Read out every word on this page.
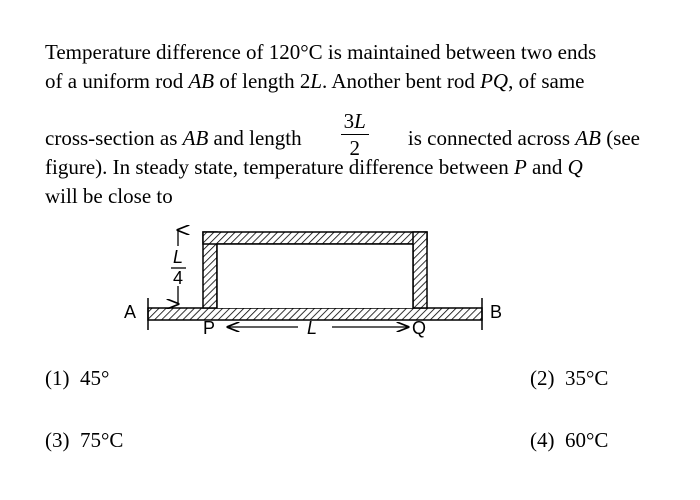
Temperature difference of 120°C is maintained between two ends
of a uniform rod AB of length 2L. Another bent rod PQ, of same
cross-section as AB and length $\frac{3L}{2}$ is connected across AB (see
figure). In steady state, temperature difference between P and Q
will be close to
A	B
P	Q
L
L
4
(1) 45°	(2) 35°C
(3) 75°C	(4) 60°C
